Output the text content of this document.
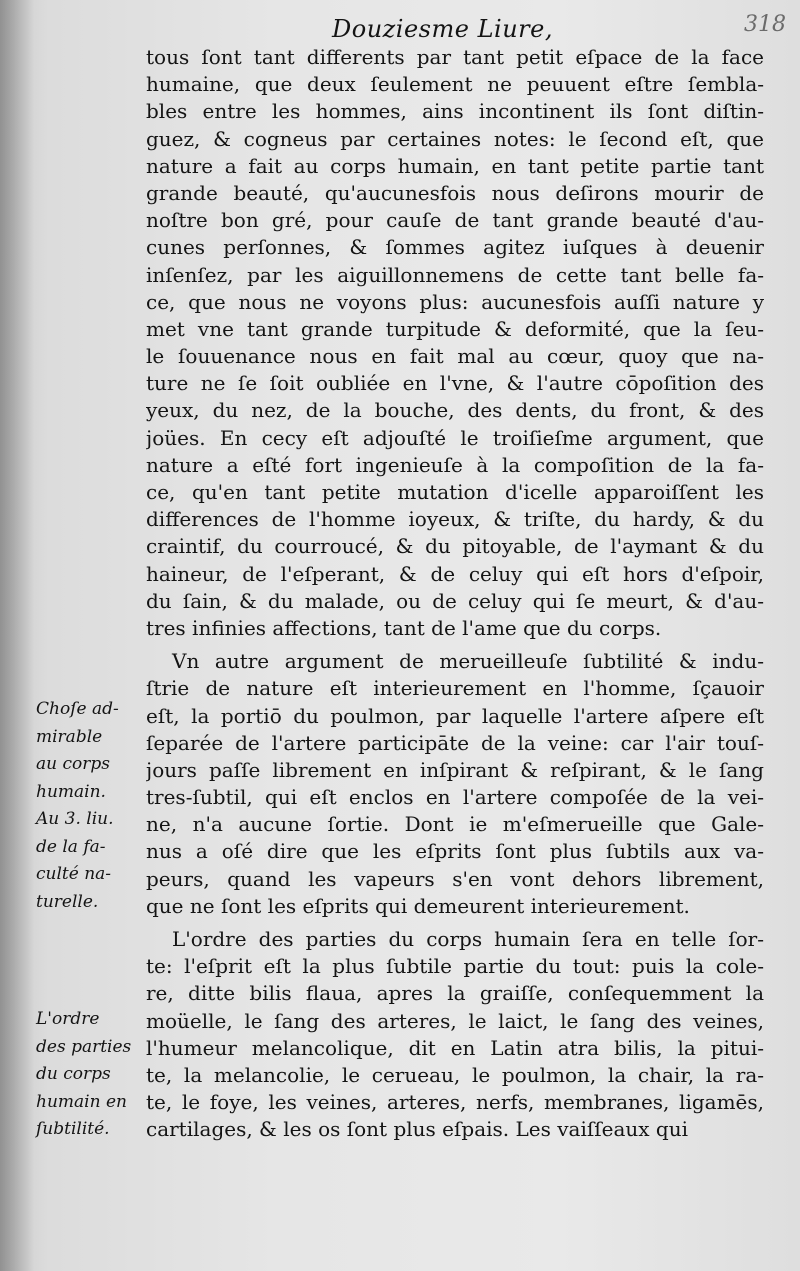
Douziesme Liure,	318
tous ſont tant differents par tant petit eſpace de la face
humaine, que deux ſeulement ne peuuent eſtre ſembla-
bles entre les hommes, ains incontinent ils ſont diſtin-
guez, & cogneus par certaines notes: le ſecond eſt, que
nature a fait au corps humain, en tant petite partie tant
grande beauté, qu'aucunesfois nous deſirons mourir de
noſtre bon gré, pour cauſe de tant grande beauté d'au-
cunes perſonnes, & ſommes agitez iuſques à deuenir
inſenſez, par les aiguillonnemens de cette tant belle fa-
ce, que nous ne voyons plus: aucunesfois auſſi nature y
met vne tant grande turpitude & deformité, que la ſeu-
le ſouuenance nous en fait mal au cœur, quoy que na-
ture ne ſe ſoit oubliée en l'vne, & l'autre cōpoſition des
yeux, du nez, de la bouche, des dents, du front, & des
joües. En cecy eſt adjouſté le troiſieſme argument, que
nature a eſté fort ingenieuſe à la compoſition de la fa-
ce, qu'en tant petite mutation d'icelle apparoiſſent les
differences de l'homme ioyeux, & triſte, du hardy, & du
craintif, du courroucé, & du pitoyable, de l'aymant & du
haineur, de l'eſperant, & de celuy qui eſt hors d'eſpoir,
du ſain, & du malade, ou de celuy qui ſe meurt, & d'au-
tres infinies affections, tant de l'ame que du corps.
Vn autre argument de merueilleuſe ſubtilité & indu-
ſtrie de nature eſt interieurement en l'homme, ſçauoir
eſt, la portiō du poulmon, par laquelle l'artere aſpere eſt
ſeparée de l'artere participāte de la veine: car l'air touſ-
jours paſſe librement en inſpirant & reſpirant, & le ſang
tres-ſubtil, qui eſt enclos en l'artere compoſée de la vei-
ne, n'a aucune ſortie. Dont ie m'eſmerueille que Gale-
nus a oſé dire que les eſprits ſont plus ſubtils aux va-
peurs, quand les vapeurs s'en vont dehors librement,
que ne ſont les eſprits qui demeurent interieurement.
L'ordre des parties du corps humain ſera en telle ſor-
te: l'eſprit eſt la plus ſubtile partie du tout: puis la cole-
re, ditte bilis flaua, apres la graiſſe, conſequemment la
moüelle, le ſang des arteres, le laict, le ſang des veines,
l'humeur melancolique, dit en Latin atra bilis, la pitui-
te, la melancolie, le cerueau, le poulmon, la chair, la ra-
te, le foye, les veines, arteres, nerfs, membranes, ligamēs,
cartilages, & les os ſont plus eſpais. Les vaiſſeaux qui
Choſe ad-
mirable
au corps
humain.
Au 3. liu.
de la fa-
culté na-
turelle.
L'ordre
des parties
du corps
humain en
ſubtilité.
